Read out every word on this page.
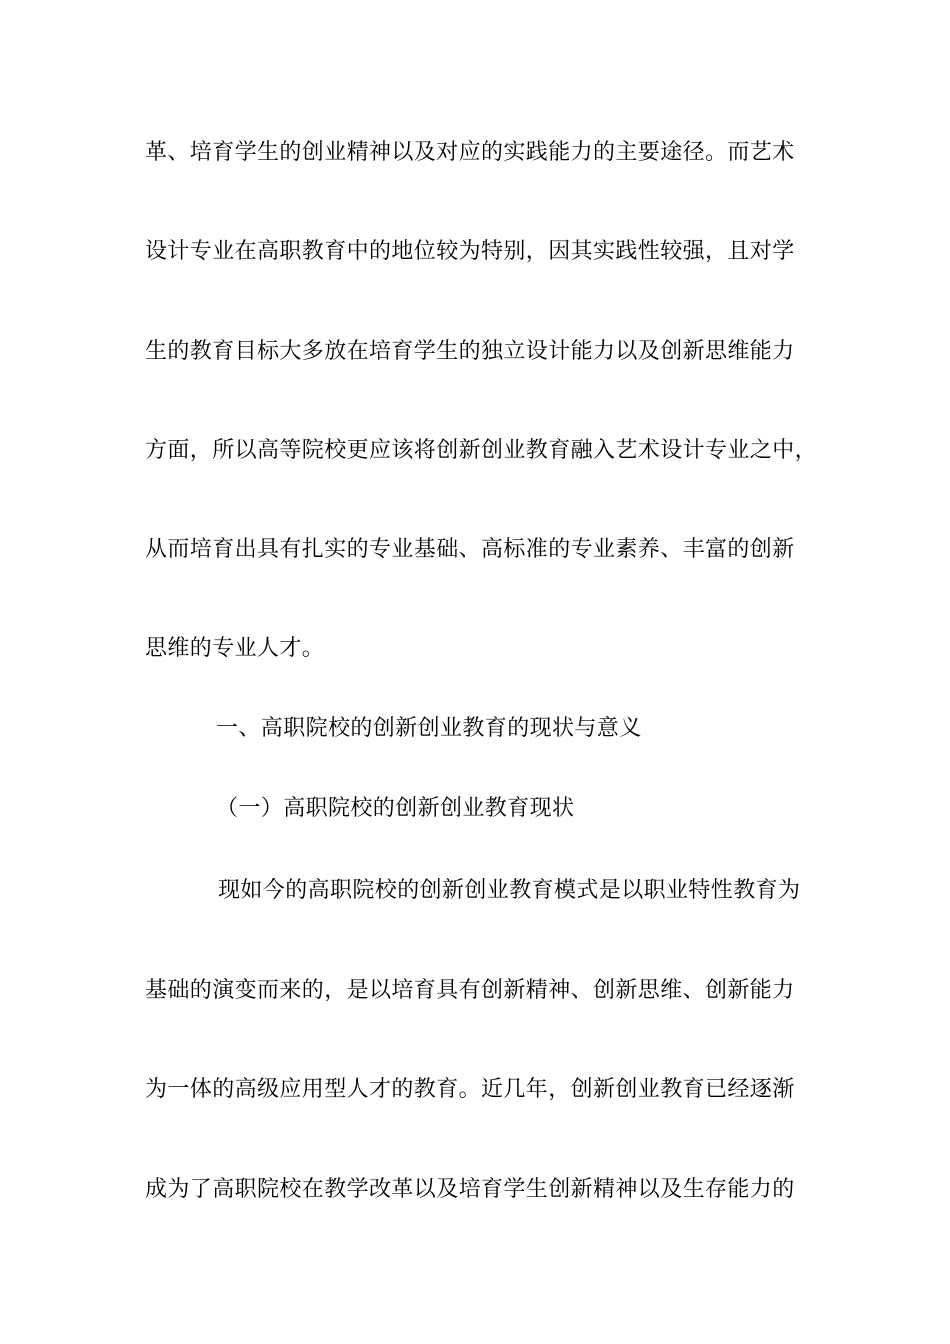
革、培育学生的创业精神以及对应的实践能力的主要途径。而艺术
设计专业在高职教育中的地位较为特别，因其实践性较强，且对学
生的教育目标大多放在培育学生的独立设计能力以及创新思维能力
方面，所以高等院校更应该将创新创业教育融入艺术设计专业之中，
从而培育出具有扎实的专业基础、高标准的专业素养、丰富的创新
思维的专业人才。
一、高职院校的创新创业教育的现状与意义
（一）高职院校的创新创业教育现状
现如今的高职院校的创新创业教育模式是以职业特性教育为
基础的演变而来的，是以培育具有创新精神、创新思维、创新能力
为一体的高级应用型人才的教育。近几年，创新创业教育已经逐渐
成为了高职院校在教学改革以及培育学生创新精神以及生存能力的
